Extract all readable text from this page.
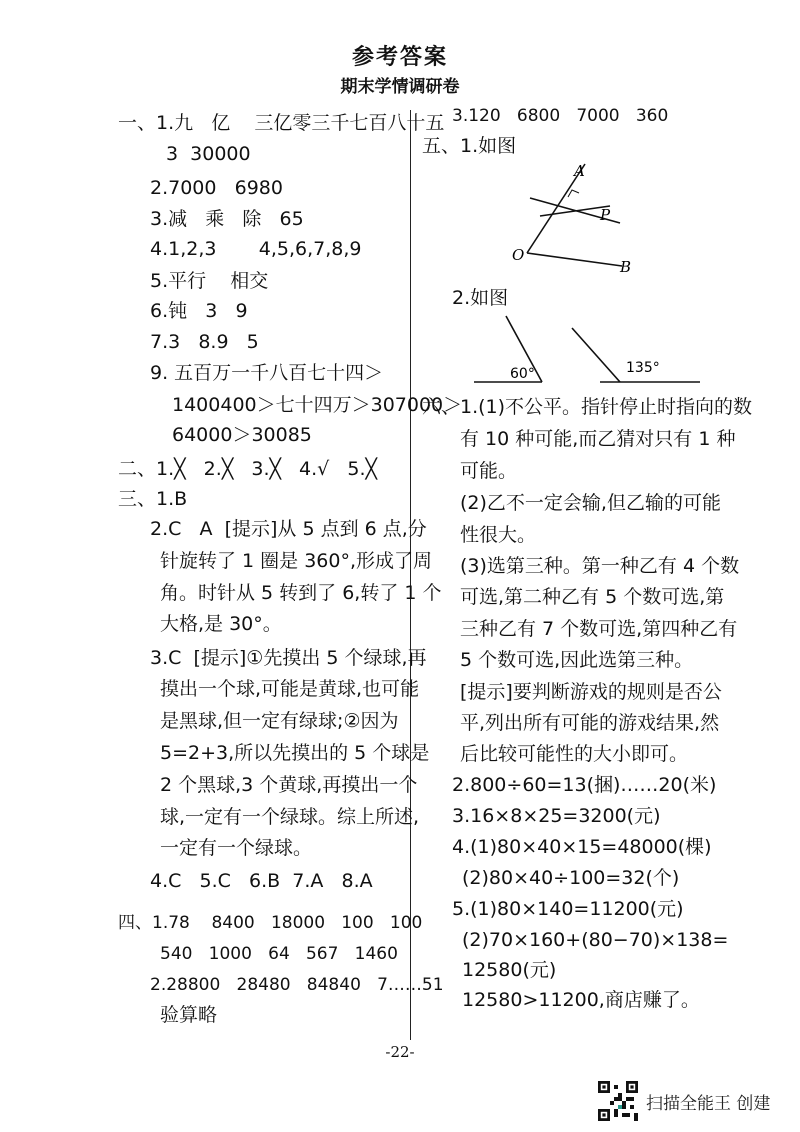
参考答案
期末学情调研卷
一、1.九   亿    三亿零三千七百八十五
3  30000
2.7000   6980
3.减   乘   除   65
4.1,2,3       4,5,6,7,8,9
5.平行    相交
6.钝   3   9
7.3   8.9   5
9. 五百万一千八百七十四＞
1400400＞七十四万＞307000＞
64000＞30085
二、1.╳   2.╳   3.╳   4.√   5.╳
三、1.B
2.C   A  [提示]从 5 点到 6 点,分
针旋转了 1 圈是 360°,形成了周
角。时针从 5 转到了 6,转了 1 个
大格,是 30°。
3.C  [提示]①先摸出 5 个绿球,再
摸出一个球,可能是黄球,也可能
是黑球,但一定有绿球;②因为
5=2+3,所以先摸出的 5 个球是
2 个黑球,3 个黄球,再摸出一个
球,一定有一个绿球。综上所述,
一定有一个绿球。
4.C   5.C   6.B  7.A   8.A
四、1.78    8400   18000   100   100
540   1000   64   567   1460
2.28800   28480   84840   7……51
验算略
3.120   6800   7000   360
五、1.如图
A
P
O
B
2.如图
60°	135°
六、1.(1)不公平。指针停止时指向的数
有 10 种可能,而乙猜对只有 1 种
可能。
(2)乙不一定会输,但乙输的可能
性很大。
(3)选第三种。第一种乙有 4 个数
可选,第二种乙有 5 个数可选,第
三种乙有 7 个数可选,第四种乙有
5 个数可选,因此选第三种。
[提示]要判断游戏的规则是否公
平,列出所有可能的游戏结果,然
后比较可能性的大小即可。
2.800÷60=13(捆)……20(米)
3.16×8×25=3200(元)
4.(1)80×40×15=48000(棵)
(2)80×40÷100=32(个)
5.(1)80×140=11200(元)
(2)70×160+(80−70)×138=
12580(元)
12580>11200,商店赚了。
-22-
扫描全能王 创建
